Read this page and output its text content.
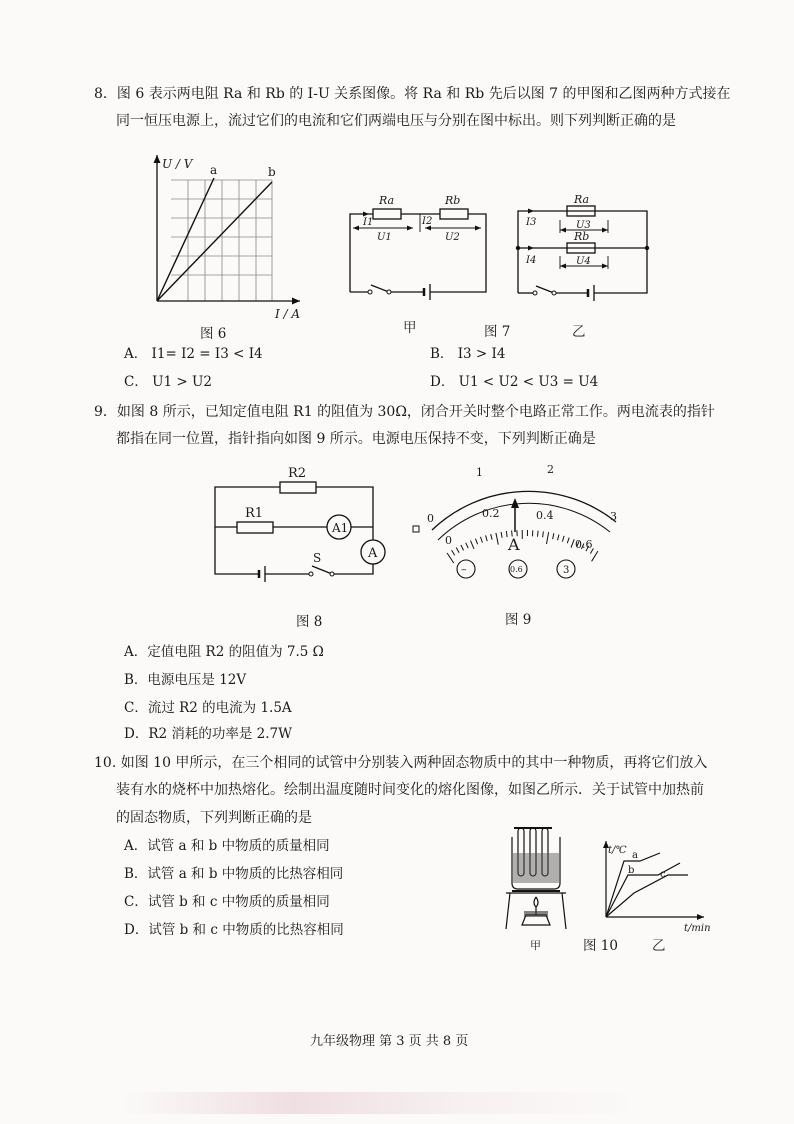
8．图 6 表示两电阻 Ra 和 Rb 的 I-U 关系图像。将 Ra 和 Rb 先后以图 7 的甲图和乙图两种方式接在
同一恒压电源上，流过它们的电流和它们两端电压与分别在图中标出。则下列判断正确的是
U / V a	b
I / A
图 6
Ra	Rb
I1	I2
U1	U2
甲	图 7
Ra
Rb
I3
I4
U3
U4
乙
A． I1= I2 = I3 < I4	B． I3 > I4
C． U1 > U2	D． U1 < U2 < U3 = U4
9．如图 8 所示，已知定值电阻 R1 的阻值为 30Ω，闭合开关时整个电路正常工作。两电流表的指针
都指在同一位置，指针指向如图 9 所示。电源电压保持不变，下列判断正确是
R2
R1
A1
A
S
图 8
0
1	2
3
0
0.2	0.4
0.6
A
–	0.6	3
图 9
A．定值电阻 R2 的阻值为 7.5 Ω
B．电源电压是 12V
C．流过 R2 的电流为 1.5A
D．R2 消耗的功率是 2.7W
10. 如图 10 甲所示，在三个相同的试管中分别装入两种固态物质中的其中一种物质，再将它们放入
装有水的烧杯中加热熔化。绘制出温度随时间变化的熔化图像，如图乙所示．关于试管中加热前
的固态物质，下列判断正确的是
A．试管 a 和 b 中物质的质量相同
B．试管 a 和 b 中物质的比热容相同
C．试管 b 和 c 中物质的质量相同
D．试管 b 和 c 中物质的比热容相同
甲
t/℃ a
b	c
t/min
图 10	乙
九年级物理 第 3 页 共 8 页
